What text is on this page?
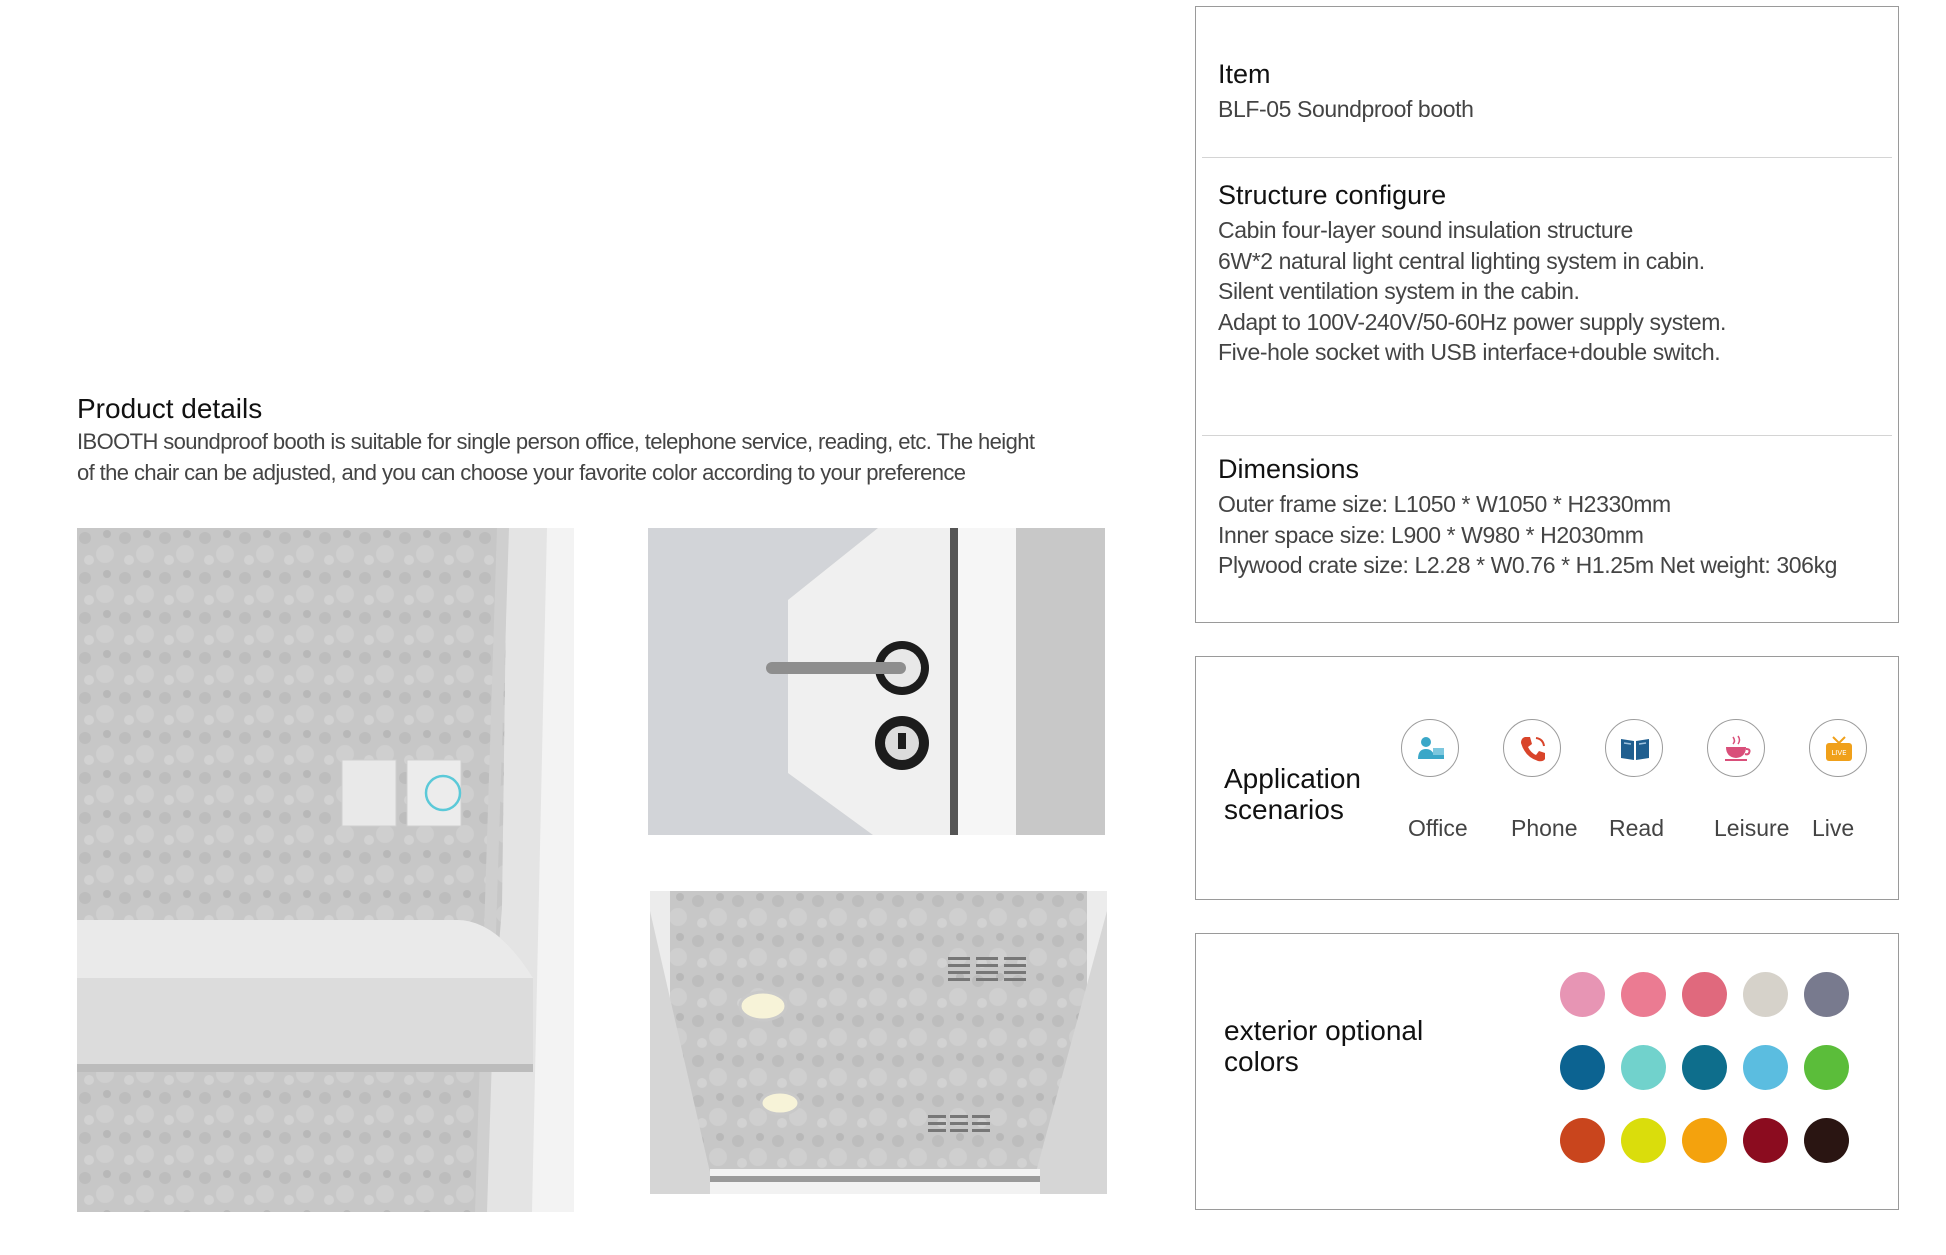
Product details
IBOOTH soundproof booth is suitable for single person office, telephone service, reading, etc. The height
of the chair can be adjusted, and you can choose your favorite color according to your preference
Item
BLF-05 Soundproof booth
Structure configure
Cabin four-layer sound insulation structure
6W*2 natural light central lighting system in cabin.
Silent ventilation system in the cabin.
Adapt to 100V-240V/50-60Hz power supply system.
Five-hole socket with USB interface+double switch.
Dimensions
Outer frame size: L1050 * W1050 * H2330mm
Inner space size: L900 * W980 * H2030mm
Plywood crate size: L2.28 * W0.76 * H1.25m Net weight: 306kg
Application
scenarios
LIVE
Office Phone Read Leisure Live
exterior optional
colors
